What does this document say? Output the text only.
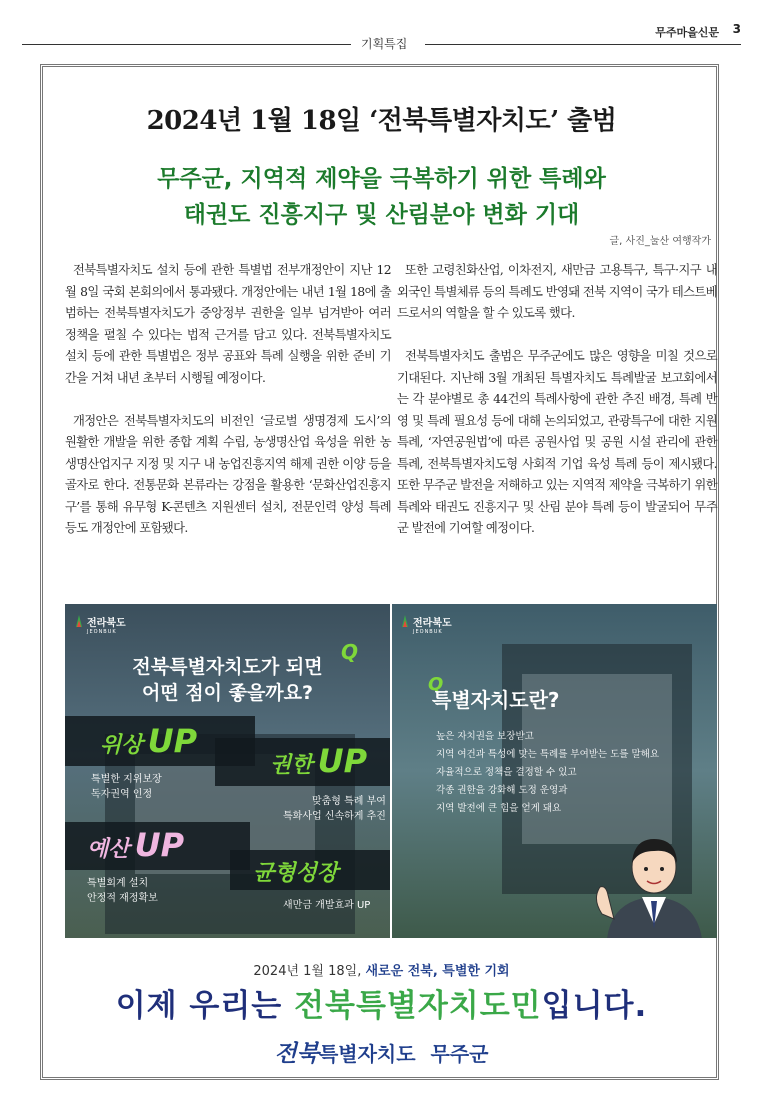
기획특집
무주마을신문 3
2024년 1월 18일 ‘전북특별자치도’ 출범
무주군, 지역적 제약을 극복하기 위한 특례와
태권도 진흥지구 및 산림분야 변화 기대
글, 사진_눌산 여행작가

전북특별자치도 설치 등에 관한 특별법 전부개정안이 지난 12월 8일 국회 본회의에서 통과됐다. 개정안에는 내년 1월 18에 출범하는 전북특별자치도가 중앙정부 권한을 일부 넘겨받아 여러 정책을 펼칠 수 있다는 법적 근거를 담고 있다. 전북특별자치도 설치 등에 관한 특별법은 정부 공표와 특례 실행을 위한 준비 기간을 거쳐 내년 초부터 시행될 예정이다.

개정안은 전북특별자치도의 비전인 ‘글로벌 생명경제 도시’의 원활한 개발을 위한 종합 계획 수립, 농생명산업 육성을 위한 농생명산업지구 지정 및 지구 내 농업진흥지역 해제 권한 이양 등을 골자로 한다. 전통문화 본류라는 강점을 활용한 ‘문화산업진흥지구’를 통해 유무형 K-콘텐츠 지원센터 설치, 전문인력 양성 특례 등도 개정안에 포함됐다.

또한 고령친화산업, 이차전지, 새만금 고용특구, 특구·지구 내 외국인 특별체류 등의 특례도 반영돼 전북 지역이 국가 테스트베드로서의 역할을 할 수 있도록 했다.

전북특별자치도 출범은 무주군에도 많은 영향을 미칠 것으로 기대된다. 지난해 3월 개최된 특별자치도 특례발굴 보고회에서는 각 분야별로 총 44건의 특례사항에 관한 추진 배경, 특례 반영 및 특례 필요성 등에 대해 논의되었고, 관광특구에 대한 지원 특례, ‘자연공원법’에 따른 공원사업 및 공원 시설 관리에 관한 특례, 전북특별자치도형 사회적 기업 육성 특례 등이 제시됐다. 또한 무주군 발전을 저해하고 있는 지역적 제약을 극복하기 위한 특례와 태권도 진흥지구 및 산림 분야 특례 등이 발굴되어 무주군 발전에 기여할 예정이다.

전라북도
JEONBUK
전북특별자치도가 되면
어떤 점이 좋을까요?
Q
위상 UP
특별한 지위보장
독자권역 인정
권한 UP
맞춤형 특례 부여
특화사업 신속하게 추진
예산 UP
특별회계 설치
안정적 재정확보
균형성장
새만금 개발효과 UP
전라북도
JEONBUK
Q
특별자치도란?
높은 자치권을 보장받고
지역 여건과 특성에 맞는 특례를 부여받는 도를 말해요
자율적으로 정책을 결정할 수 있고
각종 권한을 강화해 도정 운영과
지역 발전에 큰 힘을 얻게 돼요
2024년 1월 18일, 새로운 전북, 특별한 기회
이제 우리는 전북특별자치도민입니다.
전북특별자치도 무주군
